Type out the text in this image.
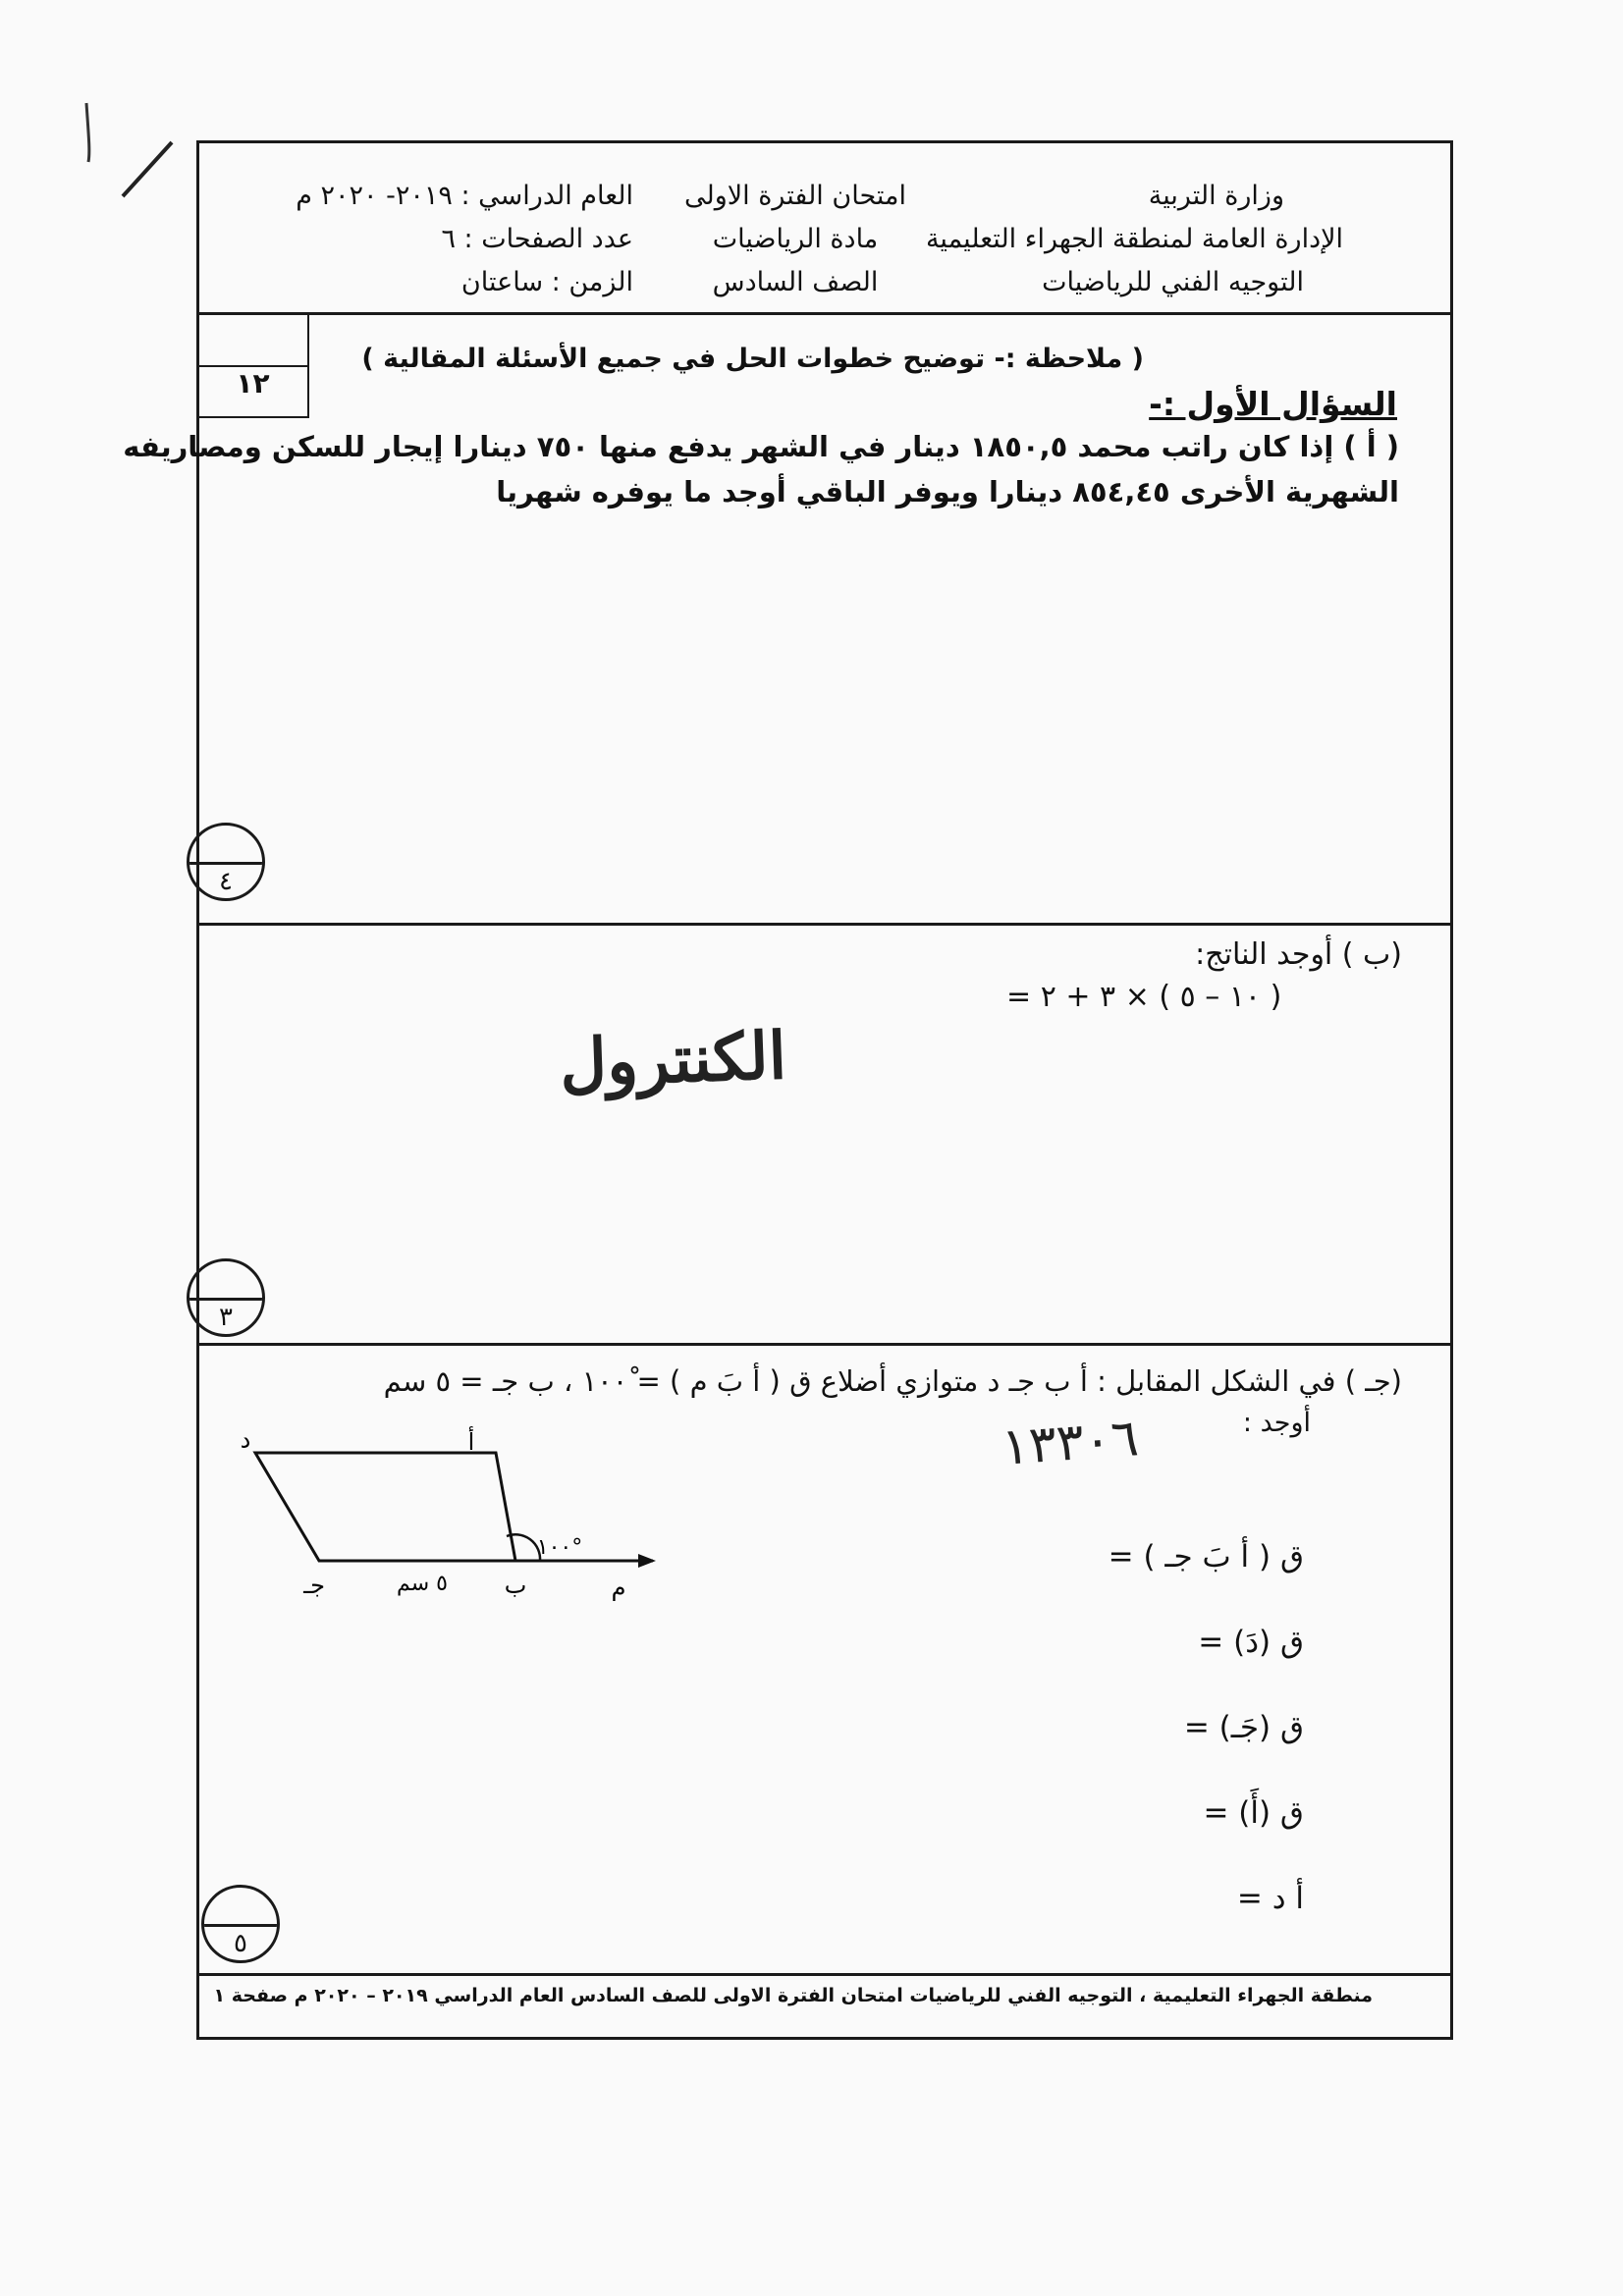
وزارة التربية
الإدارة العامة لمنطقة الجهراء التعليمية
التوجيه الفني للرياضيات
امتحان الفترة الاولى
مادة الرياضيات
الصف السادس
العام الدراسي : ٢٠١٩- ٢٠٢٠ م
عدد الصفحات : ٦
الزمن : ساعتان
١٢
( ملاحظة :- توضيح خطوات الحل في جميع الأسئلة المقالية )
السؤال الأول :-
( أ ) إذا كان راتب محمد ١٨٥٠,٥ دينار في الشهر يدفع منها ٧٥٠ دينارا إيجار للسكن ومصاريفه
الشهرية الأخرى ٨٥٤,٤٥ دينارا ويوفر الباقي أوجد ما يوفره شهريا
٤
(ب ) أوجد الناتج:
( ١٠ – ٥ ) × ٣ + ٢ =
الكنترول
٣
(جـ ) في الشكل المقابل : أ ب جـ د متوازي أضلاع ق ( أ بَ م ) = ١٠٠ْ ، ب جـ = ٥ سم
أوجد :
١٣٣٠٦
أ
د
جـ	ب	م
١٠٠°
٥ سم
ق ( أ بَ جـ ) =
ق (دَ) =
ق (جَـ) =
ق (أَ) =
أ د =
٥
منطقة الجهراء التعليمية ، التوجيه الفني للرياضيات امتحان الفترة الاولى للصف السادس العام الدراسي ٢٠١٩ – ٢٠٢٠ م صفحة ١
